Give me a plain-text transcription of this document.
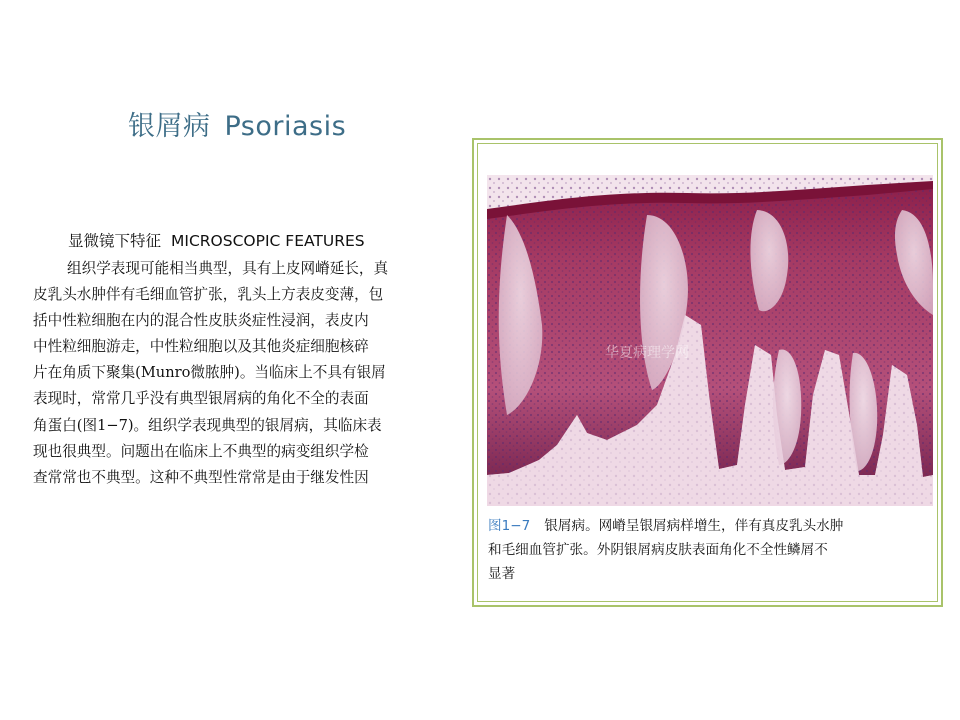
银屑病 Psoriasis
显微镜下特征 MICROSCOPIC FEATURES
组织学表现可能相当典型，具有上皮网嵴延长，真
皮乳头水肿伴有毛细血管扩张，乳头上方表皮变薄，包
括中性粒细胞在内的混合性皮肤炎症性浸润，表皮内
中性粒细胞游走，中性粒细胞以及其他炎症细胞核碎
片在角质下聚集(Munro微脓肿)。当临床上不具有银屑
表现时，常常几乎没有典型银屑病的角化不全的表面
角蛋白(图1−7)。组织学表现典型的银屑病，其临床表
现也很典型。问题出在临床上不典型的病变组织学检
查常常也不典型。这种不典型性常常是由于继发性因
华夏病理学网
图1−7 银屑病。网嵴呈银屑病样增生，伴有真皮乳头水肿
和毛细血管扩张。外阴银屑病皮肤表面角化不全性鳞屑不
显著
